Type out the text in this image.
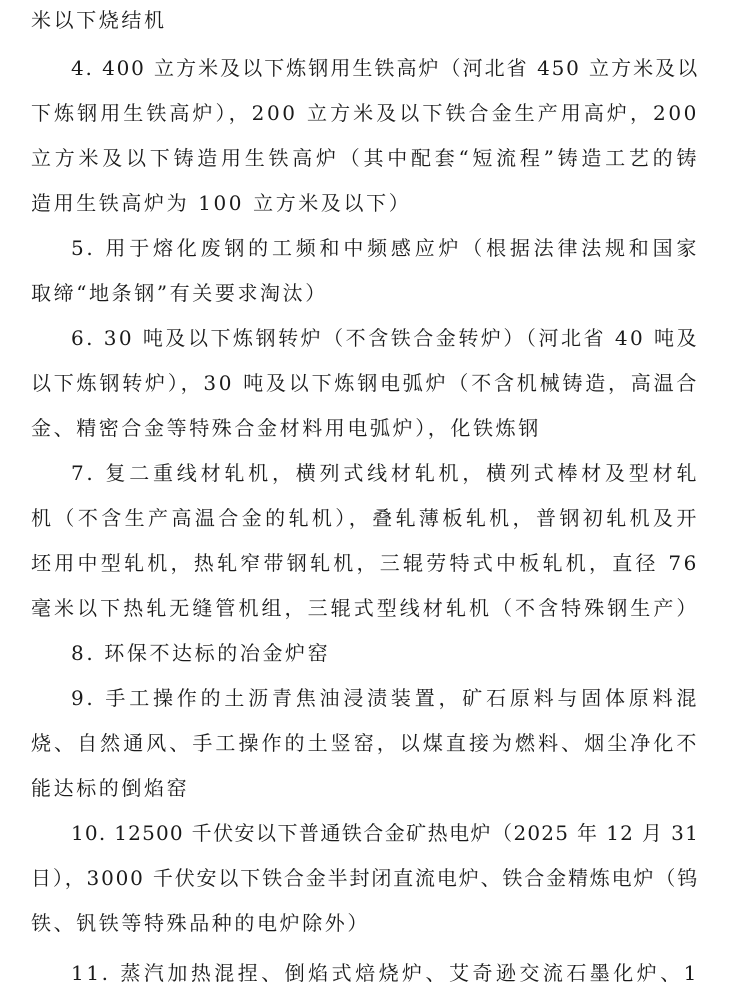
米以下烧结机
4. 400 立方米及以下炼钢用生铁高炉（河北省 450 立方米及以
下炼钢用生铁高炉），200 立方米及以下铁合金生产用高炉，200
立方米及以下铸造用生铁高炉（其中配套“短流程”铸造工艺的铸
造用生铁高炉为 100 立方米及以下）
5. 用于熔化废钢的工频和中频感应炉（根据法律法规和国家
取缔“地条钢”有关要求淘汰）
6. 30 吨及以下炼钢转炉（不含铁合金转炉）（河北省 40 吨及
以下炼钢转炉），30 吨及以下炼钢电弧炉（不含机械铸造，高温合
金、精密合金等特殊合金材料用电弧炉），化铁炼钢
7. 复二重线材轧机，横列式线材轧机，横列式棒材及型材轧
机（不含生产高温合金的轧机），叠轧薄板轧机，普钢初轧机及开
坯用中型轧机，热轧窄带钢轧机，三辊劳特式中板轧机，直径 76
毫米以下热轧无缝管机组，三辊式型线材轧机（不含特殊钢生产）
8. 环保不达标的冶金炉窑
9. 手工操作的土沥青焦油浸渍装置，矿石原料与固体原料混
烧、自然通风、手工操作的土竖窑，以煤直接为燃料、烟尘净化不
能达标的倒焰窑
10. 12500 千伏安以下普通铁合金矿热电炉（2025 年 12 月 31
日），3000 千伏安以下铁合金半封闭直流电炉、铁合金精炼电炉（钨
铁、钒铁等特殊品种的电炉除外）
11. 蒸汽加热混捏、倒焰式焙烧炉、艾奇逊交流石墨化炉、1
